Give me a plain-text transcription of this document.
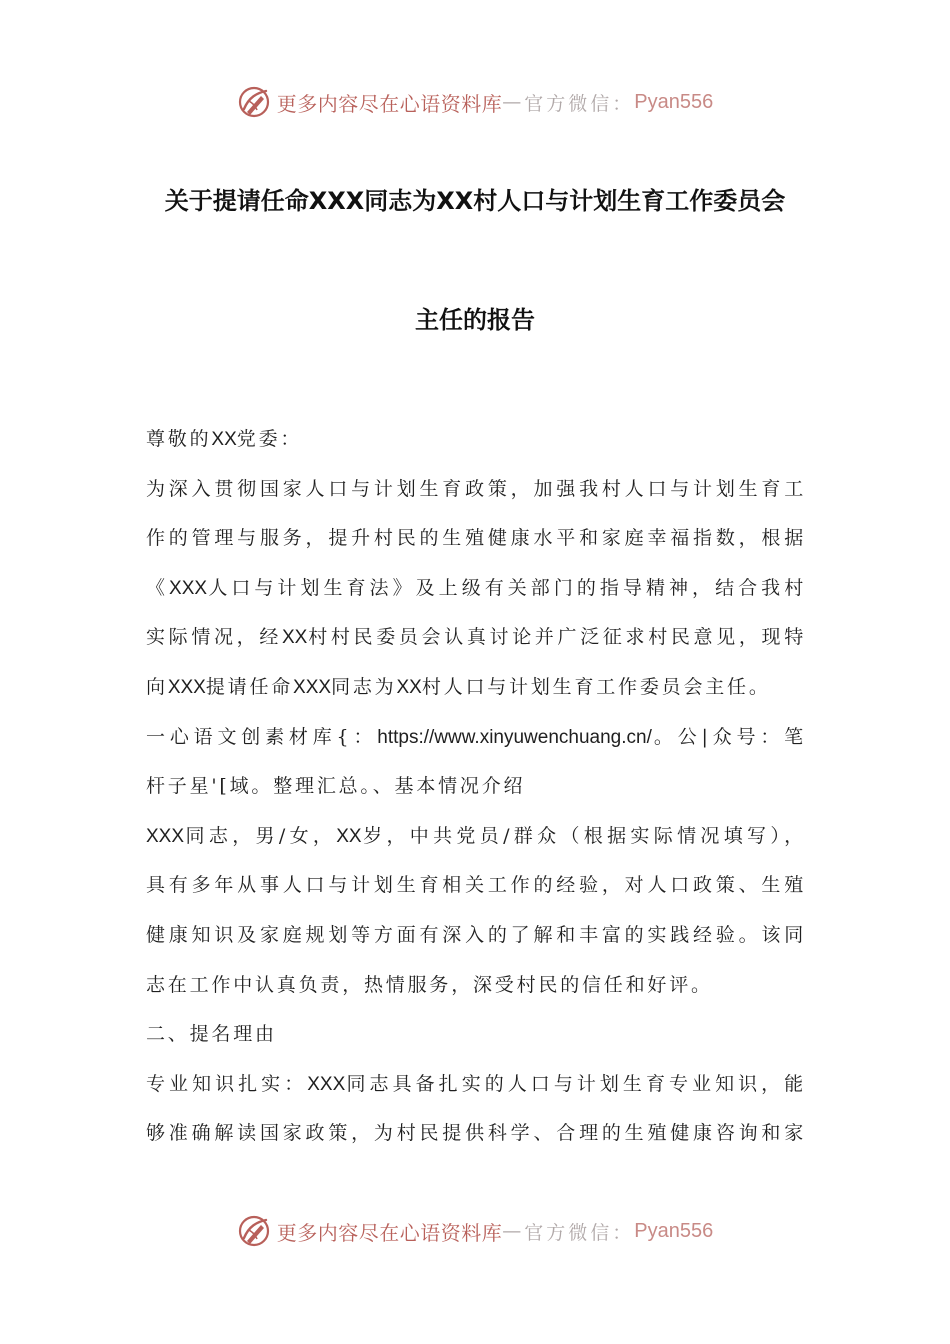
更多内容尽在心语资料库 — 官方微信： Pyan556
关于提请任命XXX同志为XX村人口与计划生育工作委员会
主任的报告

尊敬的XX党委：

为深入贯彻国家人口与计划生育政策，加强我村人口与计划生育工

作的管理与服务，提升村民的生殖健康水平和家庭幸福指数，根据

《XXX人口与计划生育法》及上级有关部门的指导精神，结合我村

实际情况，经XX村村民委员会认真讨论并广泛征求村民意见，现特

向XXX提请任命XXX同志为XX村人口与计划生育工作委员会主任。

一心语文创素材库{：https://www.xinyuwenchuang.cn/。公|众号：笔

杆子星'[域。整理汇总。、基本情况介绍

XXX同志，男/女，XX岁，中共党员/群众（根据实际情况填写），

具有多年从事人口与计划生育相关工作的经验，对人口政策、生殖

健康知识及家庭规划等方面有深入的了解和丰富的实践经验。该同

志在工作中认真负责，热情服务，深受村民的信任和好评。

二、提名理由

专业知识扎实：XXX同志具备扎实的人口与计划生育专业知识，能

够准确解读国家政策，为村民提供科学、合理的生殖健康咨询和家

更多内容尽在心语资料库 — 官方微信： Pyan556
